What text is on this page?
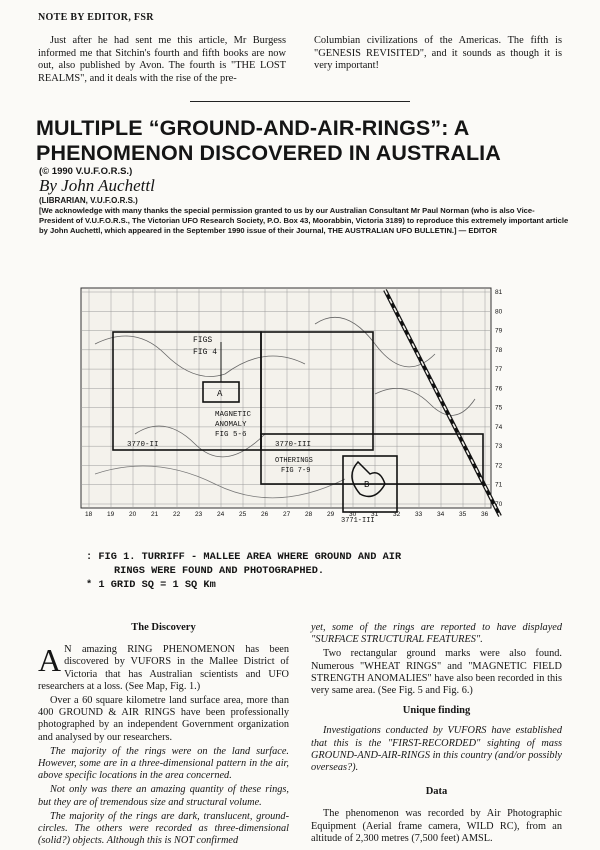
NOTE BY EDITOR, FSR

Just after he had sent me this article, Mr Burgess informed me that Sitchin's fourth and fifth books are now out, also published by Avon. The fourth is "THE LOST REALMS", and it deals with the rise of the pre-

Columbian civilizations of the Americas. The fifth is "GENESIS REVISITED", and it sounds as though it is very important!

MULTIPLE “GROUND-AND-AIR-RINGS”: A PHENOMENON DISCOVERED IN AUSTRALIA
(© 1990 V.U.F.O.R.S.)
By John Auchettl
(LIBRARIAN, V.U.F.O.R.S.)

[We acknowledge with many thanks the special permission granted to us by our Australian Consultant Mr Paul Norman (who is also Vice-President of V.U.F.O.R.S., The Victorian UFO Research Society, P.O. Box 43, Moorabbin, Victoria 3189) to reproduce this extremely important article by John Auchettl, which appeared in the September 1990 issue of their Journal, THE AUSTRALIAN UFO BULLETIN.] — EDITOR

FIGS
FIG 4
A
MAGNETIC
ANOMALY
FIG 5-6
3770-II	3770-III
OTHERINGS
FIG 7-9
B
3771-III
18 19 20 21 22 23 24 25 26 27 28 29 30 31 32 33 34 35 36
81
80
79
78
77
76
75
74
73
72
71
70
: FIG 1. TURRIFF - MALLEE AREA WHERE GROUND AND AIR
RINGS WERE FOUND AND PHOTOGRAPHED.
* 1 GRID SQ = 1 SQ Km
The Discovery

A N amazing RING PHENOMENON has been discovered by VUFORS in the Mallee District of Victoria that has Australian scientists and UFO researchers at a loss. (See Map, Fig. 1.)

Over a 60 square kilometre land surface area, more than 400 GROUND & AIR RINGS have been professionally photographed by an independent Government organization and analysed by our researchers.

The majority of the rings were on the land surface. However, some are in a three-dimensional pattern in the air, above specific locations in the area concerned.

Not only was there an amazing quantity of these rings, but they are of tremendous size and structural volume.

The majority of the rings are dark, translucent, ground-circles. The others were recorded as three-dimensional (solid?) objects. Although this is NOT confirmed

yet, some of the rings are reported to have displayed "SURFACE STRUCTURAL FEATURES".

Two rectangular ground marks were also found. Numerous "WHEAT RINGS" and "MAGNETIC FIELD STRENGTH ANOMALIES" have also been recorded in this very same area. (See Fig. 5 and Fig. 6.)

Unique finding

Investigations conducted by VUFORS have established that this is the "FIRST-RECORDED" sighting of mass GROUND-AND-AIR-RINGS in this country (and/or possibly overseas?).

Data

The phenomenon was recorded by Air Photographic Equipment (Aerial frame camera, WILD RC), from an altitude of 2,300 metres (7,500 feet) AMSL.
